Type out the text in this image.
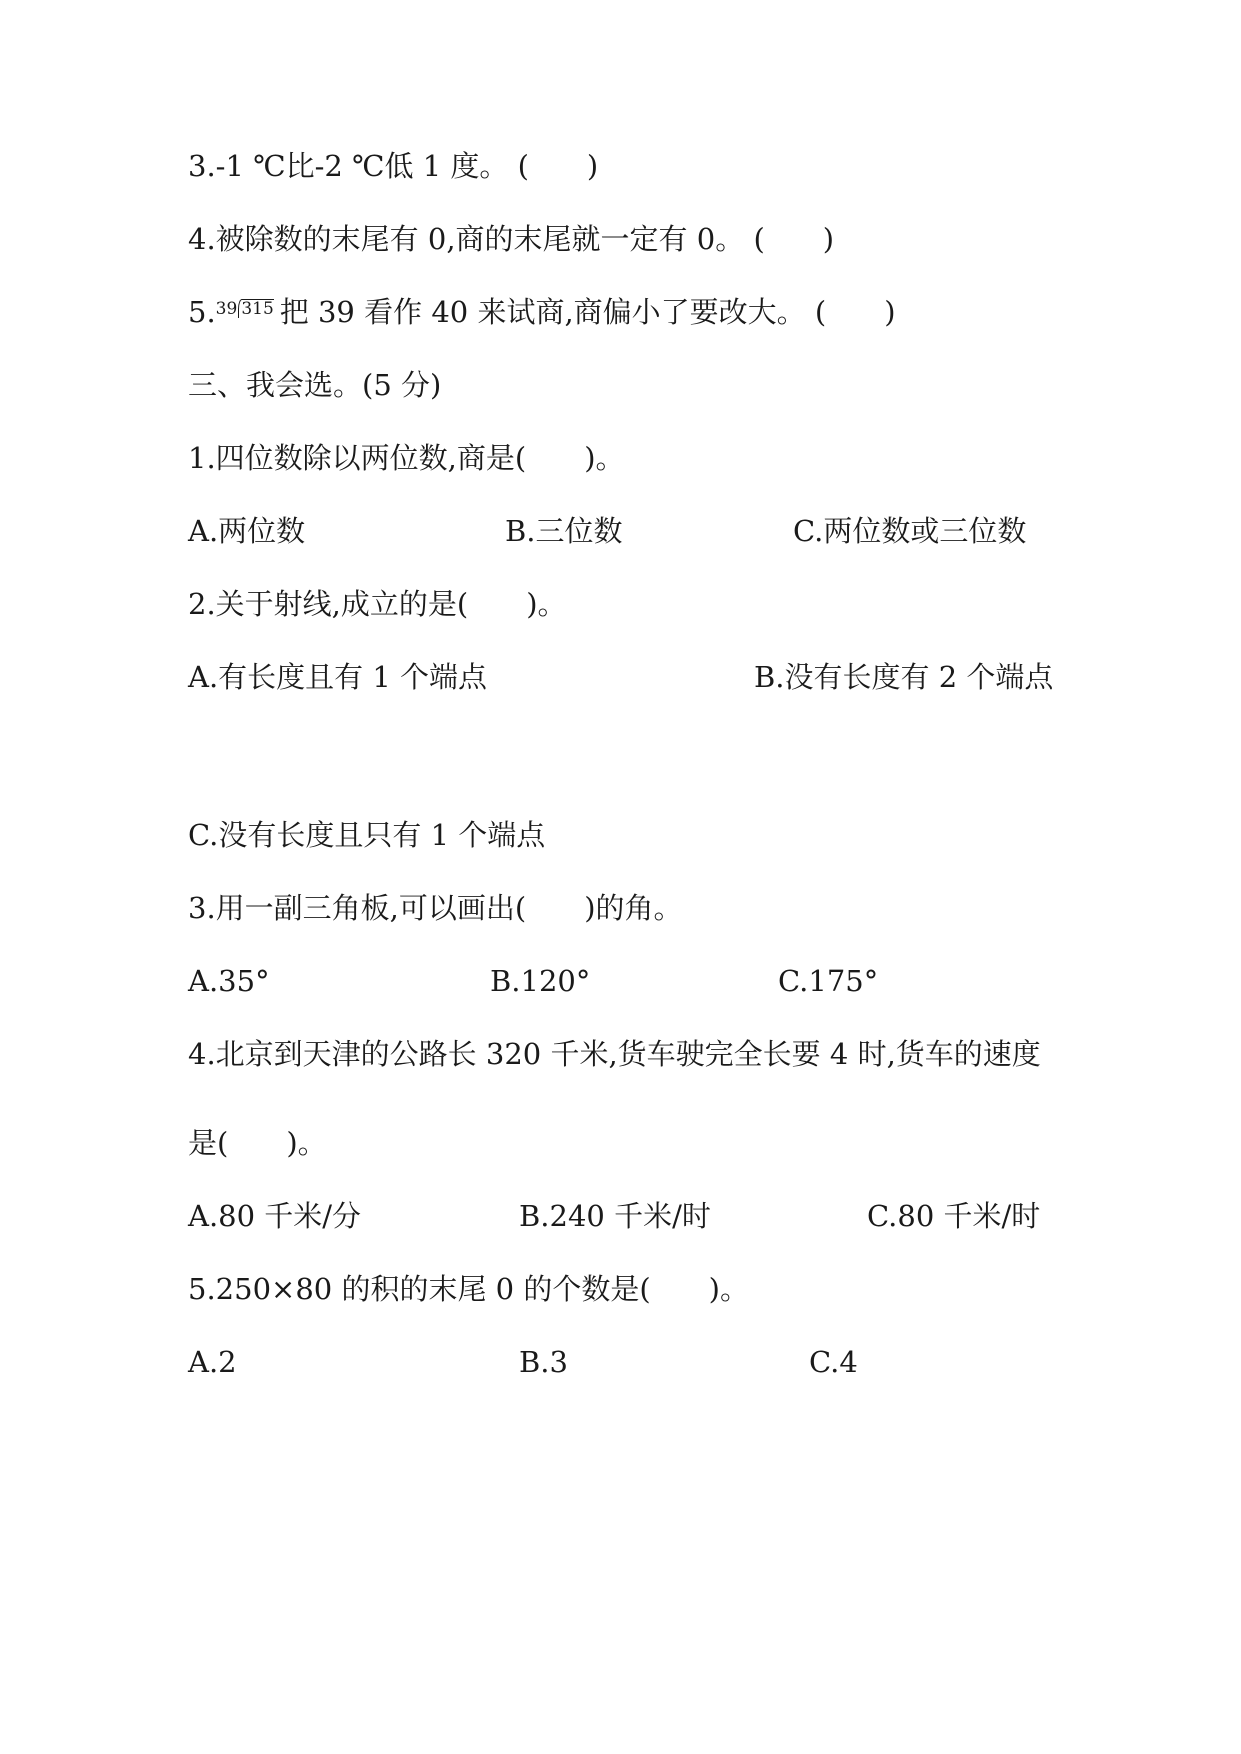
3.-1 ℃比-2 ℃低 1 度。 (　　)
4.被除数的末尾有 0,商的末尾就一定有 0。 (　　)
5.39 315 把 39 看作 40 来试商,商偏小了要改大。 (　　)
三、我会选。(5 分)
1.四位数除以两位数,商是(　　)。
A.两位数	B.三位数	C.两位数或三位数
2.关于射线,成立的是(　　)。
A.有长度且有 1 个端点	B.没有长度有 2 个端点
C.没有长度且只有 1 个端点
3.用一副三角板,可以画出(　　)的角。
A.35°	B.120°	C.175°
4.北京到天津的公路长 320 千米,货车驶完全长要 4 时,货车的速度
是(　　)。
A.80 千米/分	B.240 千米/时	C.80 千米/时
5.250×80 的积的末尾 0 的个数是(　　)。
A.2	B.3	C.4
